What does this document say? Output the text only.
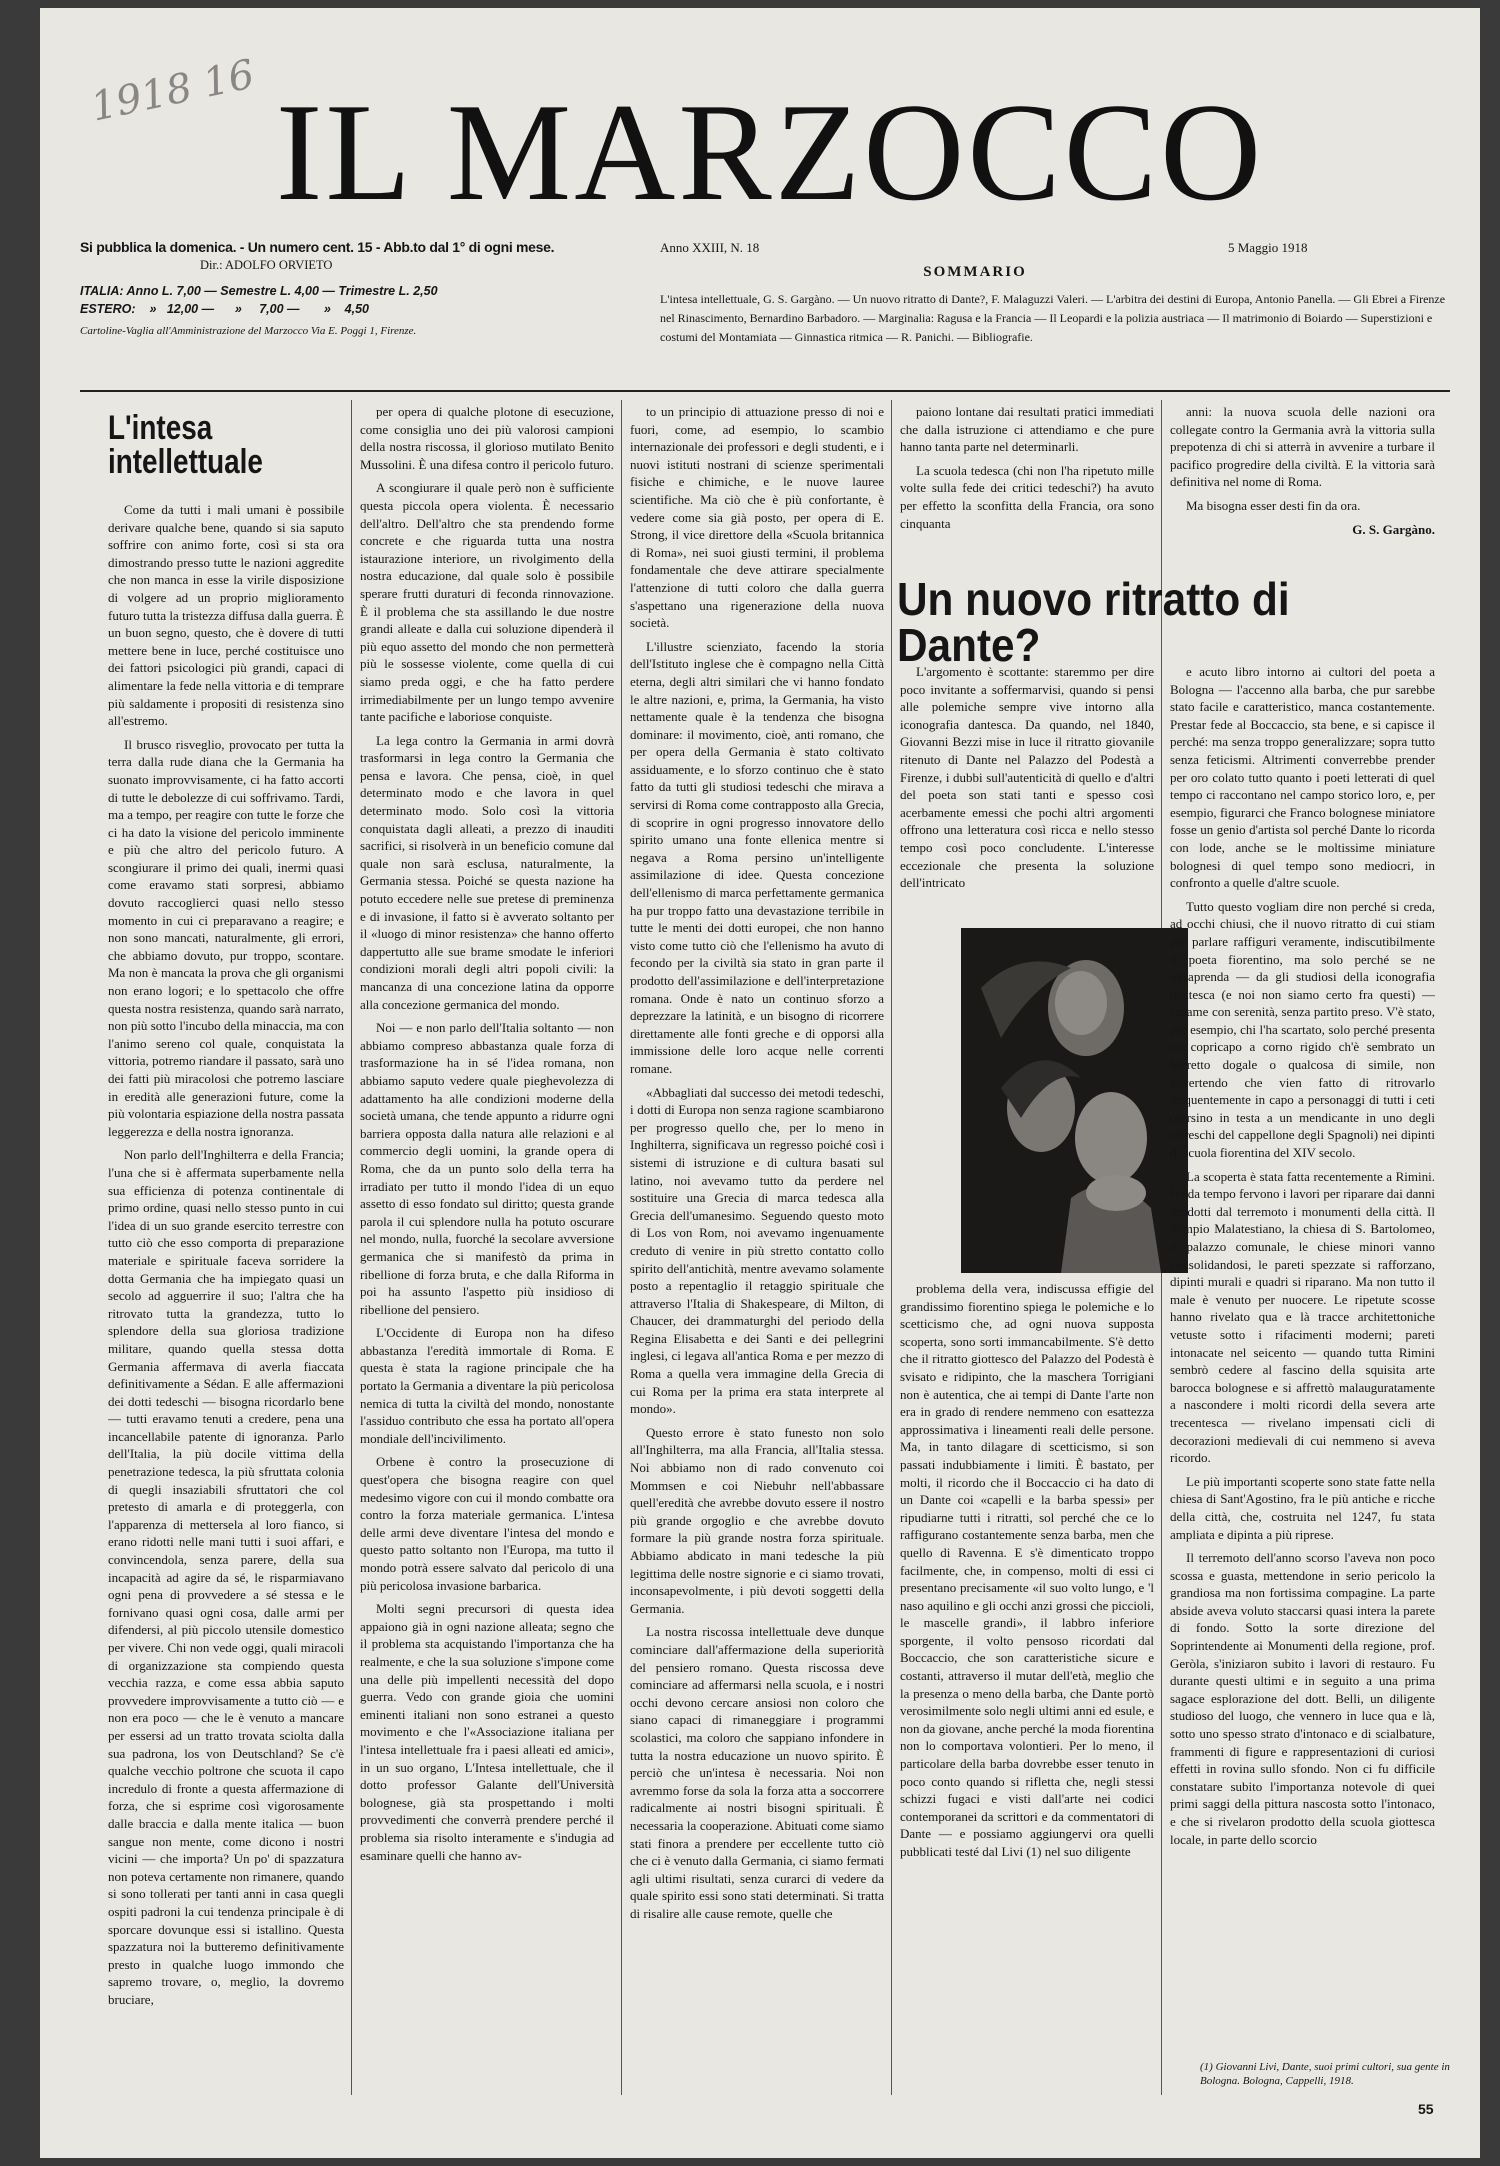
1918 16 IL MARZOCCO
Si pubblica la domenica. - Un numero cent. 15 - Abb.to dal 1° di ogni mese.
Dir.: ADOLFO ORVIETO
ITALIA: Anno L. 7,00 — Semestre L. 4,00 — Trimestre L. 2,50
ESTERO:    »   12,00 —      »     7,00 —       »    4,50
Cartoline-Vaglia all'Amministrazione del Marzocco Via E. Poggi 1, Firenze.
Anno XXIII, N. 18	5 Maggio 1918
SOMMARIO

L'intesa intellettuale, G. S. Gargàno. — Un nuovo ritratto di Dante?, F. Malaguzzi Valeri. — L'arbitra dei destini di Europa, Antonio Panella. — Gli Ebrei a Firenze nel Rinascimento, Bernardino Barbadoro. — Marginalia: Ragusa e la Francia — Il Leopardi e la polizia austriaca — Il matrimonio di Boiardo — Superstizioni e costumi del Montamiata — Ginnastica ritmica — R. Panichi. — Bibliografie.

L'intesa intellettuale

Come da tutti i mali umani è possibile derivare qualche bene, quando si sia saputo soffrire con animo forte, così si sta ora dimostrando presso tutte le nazioni aggredite che non manca in esse la virile disposizione di volgere ad un proprio miglioramento futuro tutta la tristezza diffusa dalla guerra. È un buon segno, questo, che è dovere di tutti mettere bene in luce, perché costituisce uno dei fattori psicologici più grandi, capaci di alimentare la fede nella vittoria e di temprare più saldamente i propositi di resistenza sino all'estremo.

Il brusco risveglio, provocato per tutta la terra dalla rude diana che la Germania ha suonato improvvisamente, ci ha fatto accorti di tutte le debolezze di cui soffrivamo. Tardi, ma a tempo, per reagire con tutte le forze che ci ha dato la visione del pericolo imminente e più che altro del pericolo futuro. A scongiurare il primo dei quali, inermi quasi come eravamo stati sorpresi, abbiamo dovuto raccoglierci quasi nello stesso momento in cui ci preparavano a reagire; e non sono mancati, naturalmente, gli errori, che abbiamo dovuto, pur troppo, scontare. Ma non è mancata la prova che gli organismi non erano logori; e lo spettacolo che offre questa nostra resistenza, quando sarà narrato, non più sotto l'incubo della minaccia, ma con l'animo sereno col quale, conquistata la vittoria, potremo riandare il passato, sarà uno dei fatti più miracolosi che potremo lasciare in eredità alle generazioni future, come la più volontaria espiazione della nostra passata leggerezza e della nostra ignoranza.

Non parlo dell'Inghilterra e della Francia; l'una che si è affermata superbamente nella sua efficienza di potenza continentale di primo ordine, quasi nello stesso punto in cui l'idea di un suo grande esercito terrestre con tutto ciò che esso comporta di preparazione materiale e spirituale faceva sorridere la dotta Germania che ha impiegato quasi un secolo ad agguerrire il suo; l'altra che ha ritrovato tutta la grandezza, tutto lo splendore della sua gloriosa tradizione militare, quando quella stessa dotta Germania affermava di averla fiaccata definitivamente a Sédan. E alle affermazioni dei dotti tedeschi — bisogna ricordarlo bene — tutti eravamo tenuti a credere, pena una incancellabile patente di ignoranza. Parlo dell'Italia, la più docile vittima della penetrazione tedesca, la più sfruttata colonia di quegli insaziabili sfruttatori che col pretesto di amarla e di proteggerla, con l'apparenza di mettersela al loro fianco, si erano ridotti nelle mani tutti i suoi affari, e convincendola, senza parere, della sua incapacità ad agire da sé, le risparmiavano ogni pena di provvedere a sé stessa e le fornivano quasi ogni cosa, dalle armi per difendersi, al più piccolo utensile domestico per vivere. Chi non vede oggi, quali miracoli di organizzazione sta compiendo questa vecchia razza, e come essa abbia saputo provvedere improvvisamente a tutto ciò — e non era poco — che le è venuto a mancare per essersi ad un tratto trovata sciolta dalla sua padrona, los von Deutschland? Se c'è qualche vecchio poltrone che scuota il capo incredulo di fronte a questa affermazione di forza, che si esprime così vigorosamente dalle braccia e dalla mente italica — buon sangue non mente, come dicono i nostri vicini — che importa? Un po' di spazzatura non poteva certamente non rimanere, quando si sono tollerati per tanti anni in casa quegli ospiti padroni la cui tendenza principale è di sporcare dovunque essi si istallino. Questa spazzatura noi la butteremo definitivamente presto in qualche luogo immondo che sapremo trovare, o, meglio, la dovremo bruciare,

per opera di qualche plotone di esecuzione, come consiglia uno dei più valorosi campioni della nostra riscossa, il glorioso mutilato Benito Mussolini. È una difesa contro il pericolo futuro.

A scongiurare il quale però non è sufficiente questa piccola opera violenta. È necessario dell'altro. Dell'altro che sta prendendo forme concrete e che riguarda tutta una nostra istaurazione interiore, un rivolgimento della nostra educazione, dal quale solo è possibile sperare frutti duraturi di feconda rinnovazione. È il problema che sta assillando le due nostre grandi alleate e dalla cui soluzione dipenderà il più equo assetto del mondo che non permetterà più le sossesse violente, come quella di cui siamo preda oggi, e che ha fatto perdere irrimediabilmente per un lungo tempo avvenire tante pacifiche e laboriose conquiste.

La lega contro la Germania in armi dovrà trasformarsi in lega contro la Germania che pensa e lavora. Che pensa, cioè, in quel determinato modo e che lavora in quel determinato modo. Solo così la vittoria conquistata dagli alleati, a prezzo di inauditi sacrifici, si risolverà in un beneficio comune dal quale non sarà esclusa, naturalmente, la Germania stessa. Poiché se questa nazione ha potuto eccedere nelle sue pretese di preminenza e di invasione, il fatto si è avverato soltanto per il «luogo di minor resistenza» che hanno offerto dappertutto alle sue brame smodate le inferiori condizioni morali degli altri popoli civili: la mancanza di una concezione latina da opporre alla concezione germanica del mondo.

Noi — e non parlo dell'Italia soltanto — non abbiamo compreso abbastanza quale forza di trasformazione ha in sé l'idea romana, non abbiamo saputo vedere quale pieghevolezza di adattamento ha alle condizioni moderne della società umana, che tende appunto a ridurre ogni barriera opposta dalla natura alle relazioni e al commercio degli uomini, la grande opera di Roma, che da un punto solo della terra ha irradiato per tutto il mondo l'idea di un equo assetto di esso fondato sul diritto; questa grande parola il cui splendore nulla ha potuto oscurare nel mondo, nulla, fuorché la secolare avversione germanica che si manifestò da prima in ribellione di forza bruta, e che dalla Riforma in poi ha assunto l'aspetto più insidioso di ribellione del pensiero.

L'Occidente di Europa non ha difeso abbastanza l'eredità immortale di Roma. E questa è stata la ragione principale che ha portato la Germania a diventare la più pericolosa nemica di tutta la civiltà del mondo, nonostante l'assiduo contributo che essa ha portato all'opera mondiale dell'incivilimento.

Orbene è contro la prosecuzione di quest'opera che bisogna reagire con quel medesimo vigore con cui il mondo combatte ora contro la forza materiale germanica. L'intesa delle armi deve diventare l'intesa del mondo e questo patto soltanto non l'Europa, ma tutto il mondo potrà essere salvato dal pericolo di una più pericolosa invasione barbarica.

Molti segni precursori di questa idea appaiono già in ogni nazione alleata; segno che il problema sta acquistando l'importanza che ha realmente, e che la sua soluzione s'impone come una delle più impellenti necessità del dopo guerra. Vedo con grande gioia che uomini eminenti italiani non sono estranei a questo movimento e che l'«Associazione italiana per l'intesa intellettuale fra i paesi alleati ed amici», in un suo organo, L'Intesa intellettuale, che il dotto professor Galante dell'Università bolognese, già sta prospettando i molti provvedimenti che converrà prendere perché il problema sia risolto interamente e s'indugia ad esaminare quelli che hanno av-

to un principio di attuazione presso di noi e fuori, come, ad esempio, lo scambio internazionale dei professori e degli studenti, e i nuovi istituti nostrani di scienze sperimentali fisiche e chimiche, e le nuove lauree scientifiche. Ma ciò che è più confortante, è vedere come sia già posto, per opera di E. Strong, il vice direttore della «Scuola britannica di Roma», nei suoi giusti termini, il problema fondamentale che deve attirare specialmente l'attenzione di tutti coloro che dalla guerra s'aspettano una rigenerazione della nuova società.

L'illustre scienziato, facendo la storia dell'Istituto inglese che è compagno nella Città eterna, degli altri similari che vi hanno fondato le altre nazioni, e, prima, la Germania, ha visto nettamente quale è la tendenza che bisogna dominare: il movimento, cioè, anti romano, che per opera della Germania è stato coltivato assiduamente, e lo sforzo continuo che è stato fatto da tutti gli studiosi tedeschi che mirava a servirsi di Roma come contrapposto alla Grecia, di scoprire in ogni progresso innovatore dello spirito umano una fonte ellenica mentre si negava a Roma persino un'intelligente assimilazione di idee. Questa concezione dell'ellenismo di marca perfettamente germanica ha pur troppo fatto una devastazione terribile in tutte le menti dei dotti europei, che non hanno visto come tutto ciò che l'ellenismo ha avuto di fecondo per la civiltà sia stato in gran parte il prodotto dell'assimilazione e dell'interpretazione romana. Onde è nato un continuo sforzo a deprezzare la latinità, e un bisogno di ricorrere direttamente alle fonti greche e di opporsi alla immissione delle loro acque nelle correnti romane.

«Abbagliati dal successo dei metodi tedeschi, i dotti di Europa non senza ragione scambiarono per progresso quello che, per lo meno in Inghilterra, significava un regresso poiché così i sistemi di istruzione e di cultura basati sul latino, noi avevamo tutto da perdere nel sostituire una Grecia di marca tedesca alla Grecia dell'umanesimo. Seguendo questo moto di Los von Rom, noi avevamo ingenuamente creduto di venire in più stretto contatto collo spirito dell'antichità, mentre avevamo solamente posto a repentaglio il retaggio spirituale che attraverso l'Italia di Shakespeare, di Milton, di Chaucer, dei drammaturghi del periodo della Regina Elisabetta e dei Santi e dei pellegrini inglesi, ci legava all'antica Roma e per mezzo di Roma a quella vera immagine della Grecia di cui Roma per la prima era stata interprete al mondo».

Questo errore è stato funesto non solo all'Inghilterra, ma alla Francia, all'Italia stessa. Noi abbiamo non di rado convenuto coi Mommsen e coi Niebuhr nell'abbassare quell'eredità che avrebbe dovuto essere il nostro più grande orgoglio e che avrebbe dovuto formare la più grande nostra forza spirituale. Abbiamo abdicato in mani tedesche la più legittima delle nostre signorie e ci siamo trovati, inconsapevolmente, i più devoti soggetti della Germania.

La nostra riscossa intellettuale deve dunque cominciare dall'affermazione della superiorità del pensiero romano. Questa riscossa deve cominciare ad affermarsi nella scuola, e i nostri occhi devono cercare ansiosi non coloro che siano capaci di rimaneggiare i programmi scolastici, ma coloro che sappiano infondere in tutta la nostra educazione un nuovo spirito. È perciò che un'intesa è necessaria. Noi non avremmo forse da sola la forza atta a soccorrere radicalmente ai nostri bisogni spirituali. È necessaria la cooperazione. Abituati come siamo stati finora a prendere per eccellente tutto ciò che ci è venuto dalla Germania, ci siamo fermati agli ultimi risultati, senza curarci di vedere da quale spirito essi sono stati determinati. Si tratta di risalire alle cause remote, quelle che

paiono lontane dai resultati pratici immediati che dalla istruzione ci attendiamo e che pure hanno tanta parte nel determinarli.

La scuola tedesca (chi non l'ha ripetuto mille volte sulla fede dei critici tedeschi?) ha avuto per effetto la sconfitta della Francia, ora sono cinquanta

anni: la nuova scuola delle nazioni ora collegate contro la Germania avrà la vittoria sulla prepotenza di chi si atterrà in avvenire a turbare il pacifico progredire della civiltà. E la vittoria sarà definitiva nel nome di Roma.

Ma bisogna esser desti fin da ora.

G. S. Gargàno.
Un nuovo ritratto di Dante?

L'argomento è scottante: staremmo per dire poco invitante a soffermarvisi, quando si pensi alle polemiche sempre vive intorno alla iconografia dantesca. Da quando, nel 1840, Giovanni Bezzi mise in luce il ritratto giovanile ritenuto di Dante nel Palazzo del Podestà a Firenze, i dubbi sull'autenticità di quello e d'altri del poeta son stati tanti e spesso così acerbamente emessi che pochi altri argomenti offrono una letteratura così ricca e nello stesso tempo così poco concludente. L'interesse eccezionale che presenta la soluzione dell'intricato

problema della vera, indiscussa effigie del grandissimo fiorentino spiega le polemiche e lo scetticismo che, ad ogni nuova supposta scoperta, sono sorti immancabilmente. S'è detto che il ritratto giottesco del Palazzo del Podestà è svisato e ridipinto, che la maschera Torrigiani non è autentica, che ai tempi di Dante l'arte non era in grado di rendere nemmeno con esattezza approssimativa i lineamenti reali delle persone. Ma, in tanto dilagare di scetticismo, si son passati indubbiamente i limiti. È bastato, per molti, il ricordo che il Boccaccio ci ha dato di un Dante coi «capelli e la barba spessi» per ripudiarne tutti i ritratti, sol perché che ce lo raffigurano costantemente senza barba, men che quello di Ravenna. E s'è dimenticato troppo facilmente, che, in compenso, molti di essi ci presentano precisamente «il suo volto lungo, e 'l naso aquilino e gli occhi anzi grossi che piccioli, le mascelle grandi», il labbro inferiore sporgente, il volto pensoso ricordati dal Boccaccio, che son caratteristiche sicure e costanti, attraverso il mutar dell'età, meglio che la presenza o meno della barba, che Dante portò verosimilmente solo negli ultimi anni ed esule, e non da giovane, anche perché la moda fiorentina non lo comportava volontieri. Per lo meno, il particolare della barba dovrebbe esser tenuto in poco conto quando si rifletta che, negli stessi schizzi fugaci e visti dall'arte nei codici contemporanei da scrittori e da commentatori di Dante — e possiamo aggiungervi ora quelli pubblicati testé dal Livi (1) nel suo diligente

e acuto libro intorno ai cultori del poeta a Bologna — l'accenno alla barba, che pur sarebbe stato facile e caratteristico, manca costantemente. Prestar fede al Boccaccio, sta bene, e si capisce il perché: ma senza troppo generalizzare; sopra tutto senza feticismi. Altrimenti converrebbe prender per oro colato tutto quanto i poeti letterati di quel tempo ci raccontano nel campo storico loro, e, per esempio, figurarci che Franco bolognese miniatore fosse un genio d'artista sol perché Dante lo ricorda con lode, anche se le moltissime miniature bolognesi di quel tempo sono mediocri, in confronto a quelle d'altre scuole.

Tutto questo vogliam dire non perché si creda, ad occhi chiusi, che il nuovo ritratto di cui stiam per parlare raffiguri veramente, indiscutibilmente il poeta fiorentino, ma solo perché se ne intraprenda — da gli studiosi della iconografia dantesca (e noi non siamo certo fra questi) — l'esame con serenità, senza partito preso. V'è stato, per esempio, chi l'ha scartato, solo perché presenta un copricapo a corno rigido ch'è sembrato un berretto dogale o qualcosa di simile, non avvertendo che vien fatto di ritrovarlo frequentemente in capo a personaggi di tutti i ceti (persino in testa a un mendicante in uno degli affreschi del cappellone degli Spagnoli) nei dipinti di scuola fiorentina del XIV secolo.

La scoperta è stata fatta recentemente a Rimini. Ivi da tempo fervono i lavori per riparare dai danni prodotti dal terremoto i monumenti della città. Il Tempio Malatestiano, la chiesa di S. Bartolomeo, il palazzo comunale, le chiese minori vanno consolidandosi, le pareti spezzate si rafforzano, dipinti murali e quadri si riparano. Ma non tutto il male è venuto per nuocere. Le ripetute scosse hanno rivelato qua e là tracce architettoniche vetuste sotto i rifacimenti moderni; pareti intonacate nel seicento — quando tutta Rimini sembrò cedere al fascino della squisita arte barocca bolognese e si affrettò malauguratamente a nascondere i molti ricordi della severa arte trecentesca — rivelano impensati cicli di decorazioni medievali di cui nemmeno si aveva ricordo.

Le più importanti scoperte sono state fatte nella chiesa di Sant'Agostino, fra le più antiche e ricche della città, che, costruita nel 1247, fu stata ampliata e dipinta a più riprese.

Il terremoto dell'anno scorso l'aveva non poco scossa e guasta, mettendone in serio pericolo la grandiosa ma non fortissima compagine. La parte abside aveva voluto staccarsi quasi intera la parete di fondo. Sotto la sorte direzione del Soprintendente ai Monumenti della regione, prof. Geròla, s'iniziaron subito i lavori di restauro. Fu durante questi ultimi e in seguito a una prima sagace esplorazione del dott. Belli, un diligente studioso del luogo, che vennero in luce qua e là, sotto uno spesso strato d'intonaco e di scialbature, frammenti di figure e rappresentazioni di curiosi effetti in rovina sullo sfondo. Non ci fu difficile constatare subito l'importanza notevole di quei primi saggi della pittura nascosta sotto l'intonaco, e che si rivelaron prodotto della scuola giottesca locale, in parte dello scorcio

(1) Giovanni Livi, Dante, suoi primi cultori, sua gente in Bologna. Bologna, Cappelli, 1918.
55
